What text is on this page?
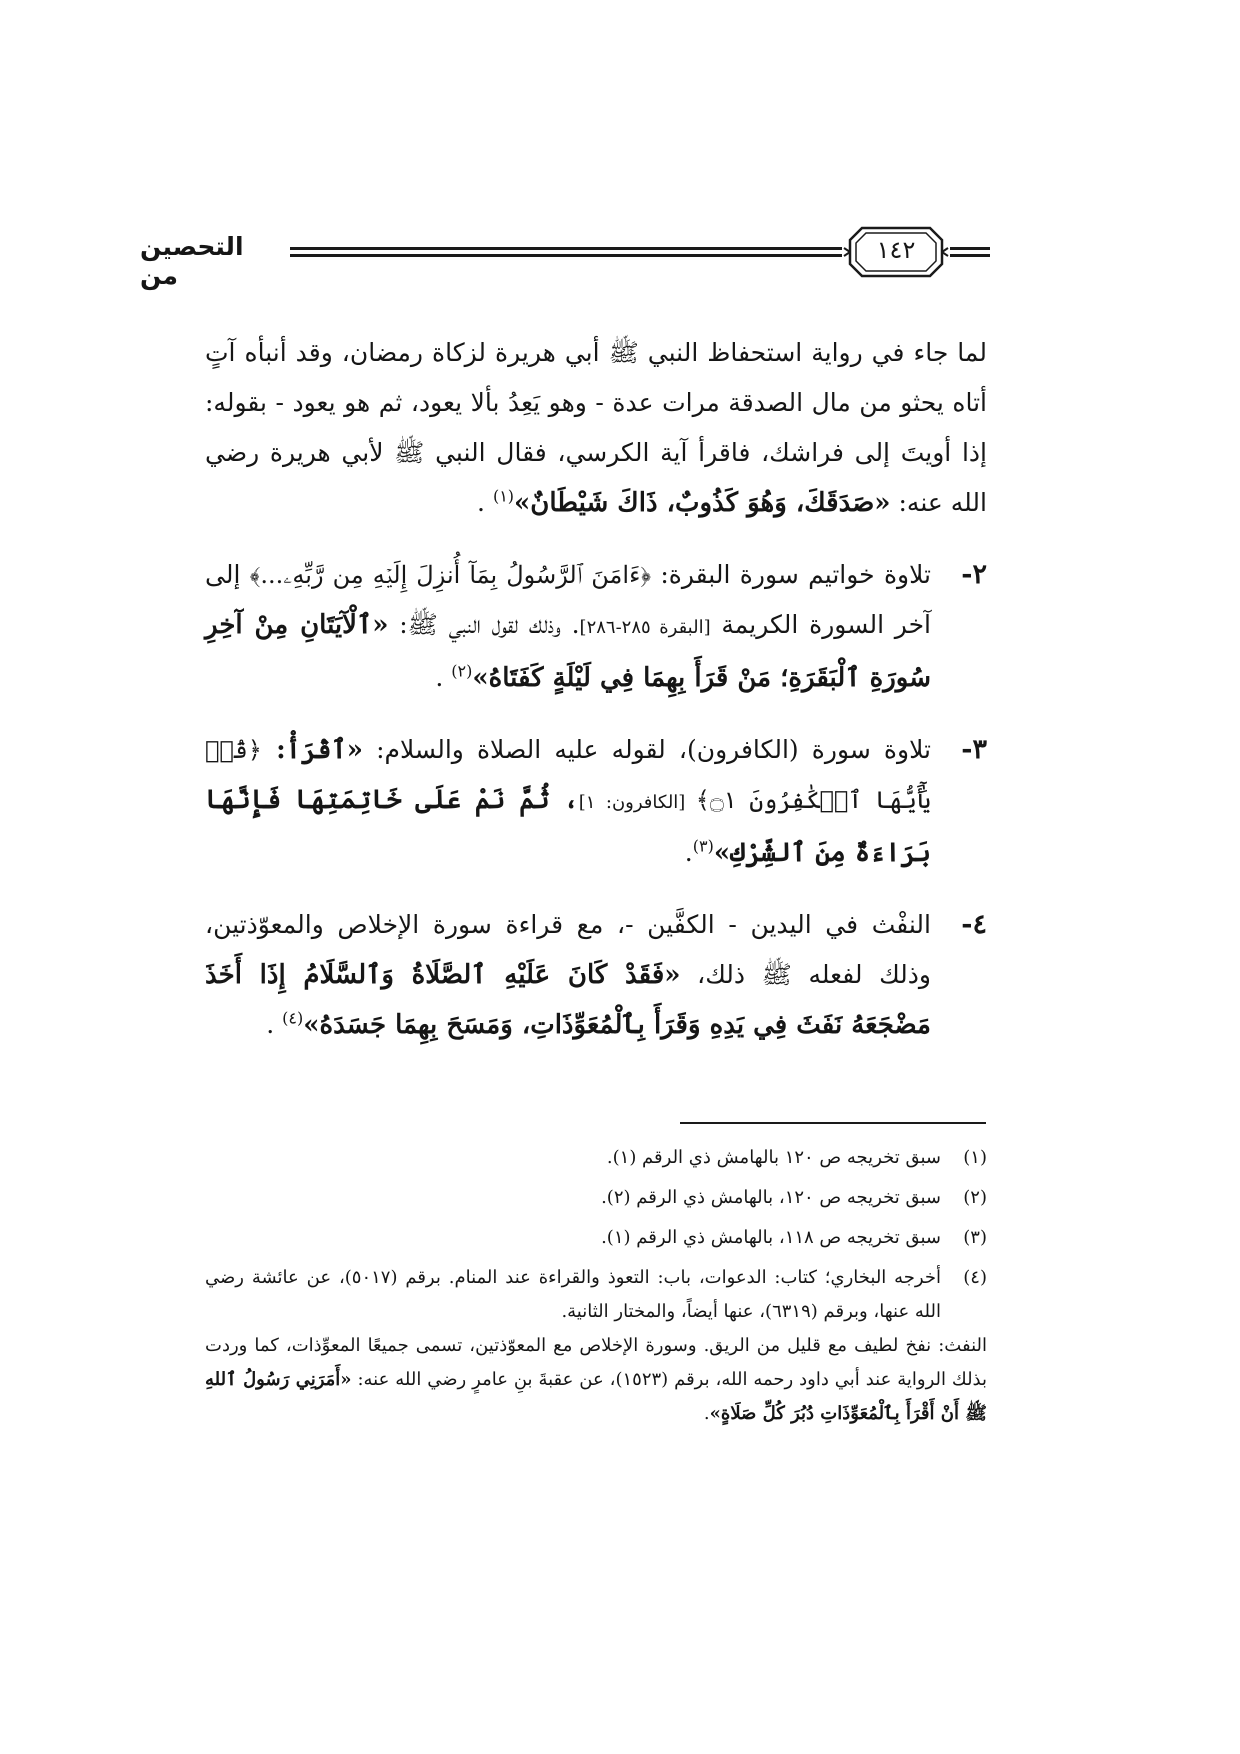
التحصين من
١٤٢

لما جاء في رواية استحفاظ النبي ﷺ أبي هريرة لزكاة رمضان، وقد أنبأه آتٍ أتاه يحثو من مال الصدقة مرات عدة - وهو يَعِدُ بألا يعود، ثم هو يعود - بقوله: إذا أويتَ إلى فراشك، فاقرأ آية الكرسي، فقال النبي ﷺ لأبي هريرة رضي الله عنه: «صَدَقَكَ، وَهُوَ كَذُوبٌ، ذَاكَ شَيْطَانٌ»$^{(١)}$ .

٢-

تلاوة خواتيم سورة البقرة: ﴿ءَامَنَ ٱلرَّسُولُ بِمَآ أُنزِلَ إِلَيۡهِ مِن رَّبِّهِۦ...﴾ إلى آخر السورة الكريمة [البقرة ٢٨٥-٢٨٦]. وذلك لقول النبي ﷺ: «ٱلْآيَتَانِ مِنْ آخِرِ سُورَةِ ٱلْبَقَرَةِ؛ مَنْ قَرَأَ بِهِمَا فِي لَيْلَةٍ كَفَتَاهُ»$^{(٢)}$ .

٣-

تلاوة سورة (الكافرون)، لقوله عليه الصلاة والسلام: «ٱقْرَأْ: ﴿قُلۡ يَٰٓأَيُّهَا ٱلۡكَٰفِرُونَ ۝١﴾ [الكافرون: ١]، ثُمَّ نَمْ عَلَى خَاتِمَتِهَا فَإِنَّهَا بَرَاءَةٌ مِنَ ٱلشِّرْكِ»$^{(٣)}$.

٤-

النفْث في اليدين - الكفَّين -، مع قراءة سورة الإخلاص والمعوّذتين، وذلك لفعله ﷺ ذلك، «فَقَدْ كَانَ عَلَيْهِ ٱلصَّلَاةُ وَٱلسَّلَامُ إِذَا أَخَذَ مَضْجَعَهُ نَفَثَ فِي يَدِهِ وَقَرَأَ بِٱلْمُعَوِّذَاتِ، وَمَسَحَ بِهِمَا جَسَدَهُ»$^{(٤)}$ .

(١)
سبق تخريجه ص ١٢٠ بالهامش ذي الرقم (١).

(٢)
سبق تخريجه ص ١٢٠، بالهامش ذي الرقم (٢).

(٣)
سبق تخريجه ص ١١٨، بالهامش ذي الرقم (١).

(٤)
أخرجه البخاري؛ كتاب: الدعوات، باب: التعوذ والقراءة عند المنام. برقم (٥٠١٧)، عن عائشة رضي الله عنها، وبرقم (٦٣١٩)، عنها أيضاً، والمختار الثانية.

النفث: نفخ لطيف مع قليل من الريق. وسورة الإخلاص مع المعوّذتين، تسمى جميعًا المعوِّذات، كما وردت بذلك الرواية عند أبي داود رحمه الله، برقم (١٥٢٣)، عن عقبةَ بنِ عامرٍ رضي الله عنه: «أَمَرَنِي رَسُولُ ٱللهِ ﷺ أَنْ أَقْرَأَ بِٱلْمُعَوِّذَاتِ دُبُرَ كُلِّ صَلَاةٍ».
